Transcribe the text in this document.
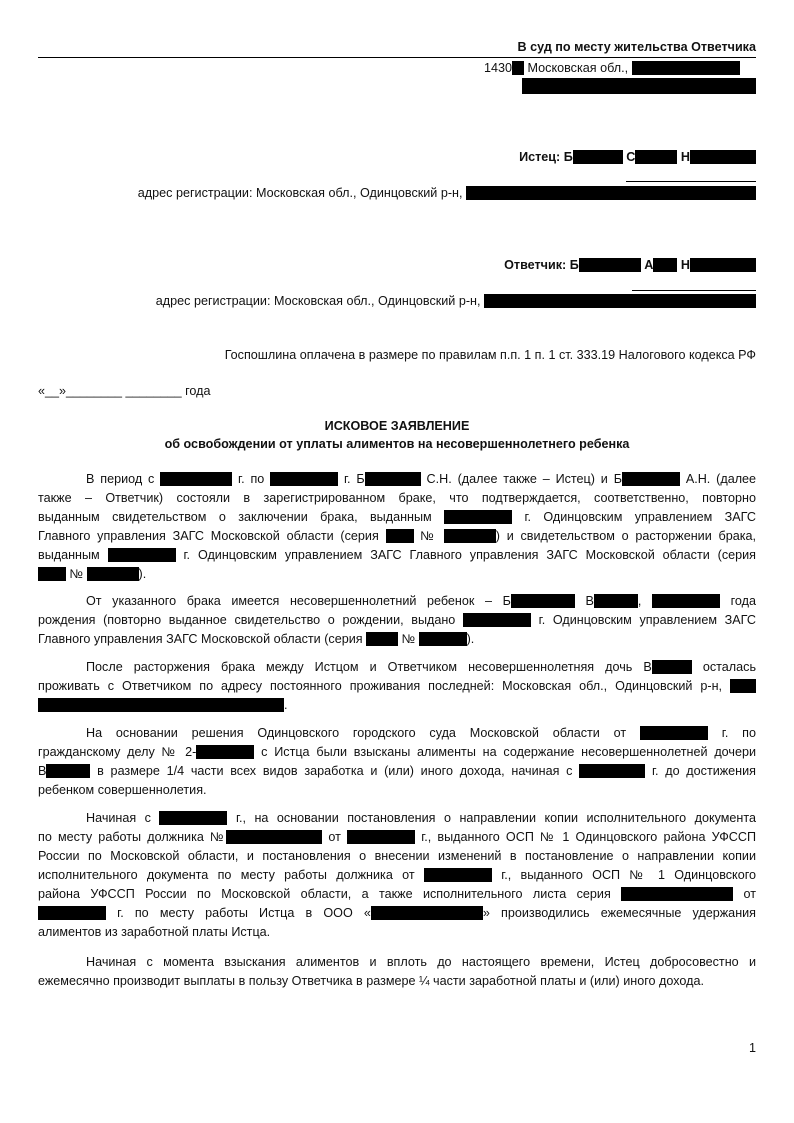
В суд по месту жительства Ответчика
1430 Московская обл.,
Истец: Б	С	Н
адрес регистрации: Московская обл., Одинцовский р-н,
Ответчик: Б	А Н
адрес регистрации: Московская обл., Одинцовский р-н,
Госпошлина оплачена в размере по правилам п.п. 1 п. 1 ст. 333.19 Налогового кодекса РФ
«__»________ ________ года
ИСКОВОЕ ЗАЯВЛЕНИЕ
об освобождении от уплаты алиментов на несовершеннолетнего ребенка
В период с	г. по	г. Б	С.Н. (далее также – Истец) и Б	А.Н. (далее
также – Ответчик) состояли в зарегистрированном браке, что подтверждается, соответственно, повторно
выданным свидетельством о заключении брака, выданным	г. Одинцовским управлением ЗАГС
Главного управления ЗАГС Московской области (серия	№	) и свидетельством о расторжении брака,
выданным	г. Одинцовским управлением ЗАГС Главного управления ЗАГС Московской области (серия
№	).
От указанного брака имеется несовершеннолетний ребенок – Б	В	,	года
рождения (повторно выданное свидетельство о рождении, выдано	г. Одинцовским управлением ЗАГС
Главного управления ЗАГС Московской области (серия	№	).
После расторжения брака между Истцом и Ответчиком несовершеннолетняя дочь В	осталась
проживать с Ответчиком по адресу постоянного проживания последней: Московская обл., Одинцовский р-н,
.
На основании решения Одинцовского городского суда Московской области от	г. по
гражданскому делу № 2-	с Истца были взысканы алименты на содержание несовершеннолетней дочери
В	в размере 1/4 части всех видов заработка и (или) иного дохода, начиная с	г. до достижения
ребенком совершеннолетия.
Начиная с	г., на основании постановления о направлении копии исполнительного документа
по месту работы должника №	от	г., выданного ОСП № 1 Одинцовского района УФССП
России по Московской области, и постановления о внесении изменений в постановление о направлении копии
исполнительного документа по месту работы должника от	г., выданного ОСП № 1 Одинцовского
района УФССП России по Московской области, а также исполнительного листа серия	от
г. по месту работы Истца в ООО «	» производились ежемесячные удержания
алиментов из заработной платы Истца.
Начиная с момента взыскания алиментов и вплоть до настоящего времени, Истец добросовестно и
ежемесячно производит выплаты в пользу Ответчика в размере ¼ части заработной платы и (или) иного дохода.
1
